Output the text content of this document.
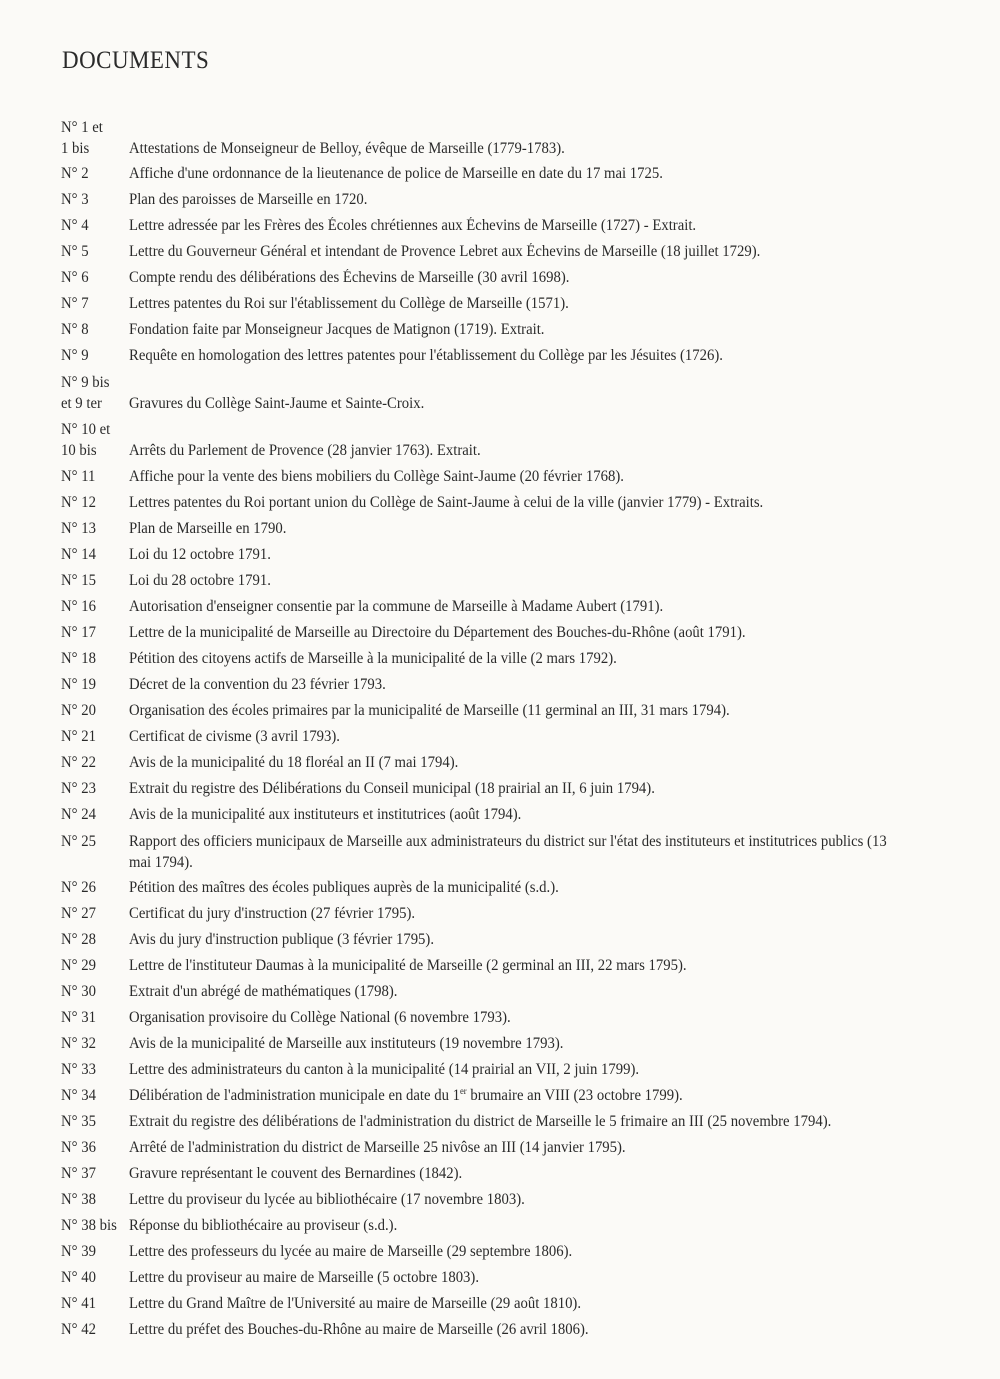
DOCUMENTS
N° 1 et
1 bis	Attestations de Monseigneur de Belloy, évêque de Marseille (1779-1783).
N° 2	Affiche d'une ordonnance de la lieutenance de police de Marseille en date du 17 mai 1725.
N° 3	Plan des paroisses de Marseille en 1720.
N° 4	Lettre adressée par les Frères des Écoles chrétiennes aux Échevins de Marseille (1727) - Extrait.
N° 5	Lettre du Gouverneur Général et intendant de Provence Lebret aux Échevins de Marseille (18 juillet 1729).
N° 6	Compte rendu des délibérations des Échevins de Marseille (30 avril 1698).
N° 7	Lettres patentes du Roi sur l'établissement du Collège de Marseille (1571).
N° 8	Fondation faite par Monseigneur Jacques de Matignon (1719). Extrait.
N° 9	Requête en homologation des lettres patentes pour l'établissement du Collège par les Jésuites (1726).
N° 9 bis
et 9 ter	Gravures du Collège Saint-Jaume et Sainte-Croix.
N° 10 et
10 bis	Arrêts du Parlement de Provence (28 janvier 1763). Extrait.
N° 11	Affiche pour la vente des biens mobiliers du Collège Saint-Jaume (20 février 1768).
N° 12	Lettres patentes du Roi portant union du Collège de Saint-Jaume à celui de la ville (janvier 1779) - Extraits.
N° 13	Plan de Marseille en 1790.
N° 14	Loi du 12 octobre 1791.
N° 15	Loi du 28 octobre 1791.
N° 16	Autorisation d'enseigner consentie par la commune de Marseille à Madame Aubert (1791).
N° 17	Lettre de la municipalité de Marseille au Directoire du Département des Bouches-du-Rhône (août 1791).
N° 18	Pétition des citoyens actifs de Marseille à la municipalité de la ville (2 mars 1792).
N° 19	Décret de la convention du 23 février 1793.
N° 20	Organisation des écoles primaires par la municipalité de Marseille (11 germinal an III, 31 mars 1794).
N° 21	Certificat de civisme (3 avril 1793).
N° 22	Avis de la municipalité du 18 floréal an II (7 mai 1794).
N° 23	Extrait du registre des Délibérations du Conseil municipal (18 prairial an II, 6 juin 1794).
N° 24	Avis de la municipalité aux instituteurs et institutrices (août 1794).
N° 25	Rapport des officiers municipaux de Marseille aux administrateurs du district sur l'état des instituteurs et institutrices publics (13 mai 1794).
N° 26	Pétition des maîtres des écoles publiques auprès de la municipalité (s.d.).
N° 27	Certificat du jury d'instruction (27 février 1795).
N° 28	Avis du jury d'instruction publique (3 février 1795).
N° 29	Lettre de l'instituteur Daumas à la municipalité de Marseille (2 germinal an III, 22 mars 1795).
N° 30	Extrait d'un abrégé de mathématiques (1798).
N° 31	Organisation provisoire du Collège National (6 novembre 1793).
N° 32	Avis de la municipalité de Marseille aux instituteurs (19 novembre 1793).
N° 33	Lettre des administrateurs du canton à la municipalité (14 prairial an VII, 2 juin 1799).
N° 34	Délibération de l'administration municipale en date du 1er brumaire an VIII (23 octobre 1799).
N° 35	Extrait du registre des délibérations de l'administration du district de Marseille le 5 frimaire an III (25 novembre 1794).
N° 36	Arrêté de l'administration du district de Marseille 25 nivôse an III (14 janvier 1795).
N° 37	Gravure représentant le couvent des Bernardines (1842).
N° 38	Lettre du proviseur du lycée au bibliothécaire (17 novembre 1803).
N° 38 bis Réponse du bibliothécaire au proviseur (s.d.).
N° 39	Lettre des professeurs du lycée au maire de Marseille (29 septembre 1806).
N° 40	Lettre du proviseur au maire de Marseille (5 octobre 1803).
N° 41	Lettre du Grand Maître de l'Université au maire de Marseille (29 août 1810).
N° 42	Lettre du préfet des Bouches-du-Rhône au maire de Marseille (26 avril 1806).
